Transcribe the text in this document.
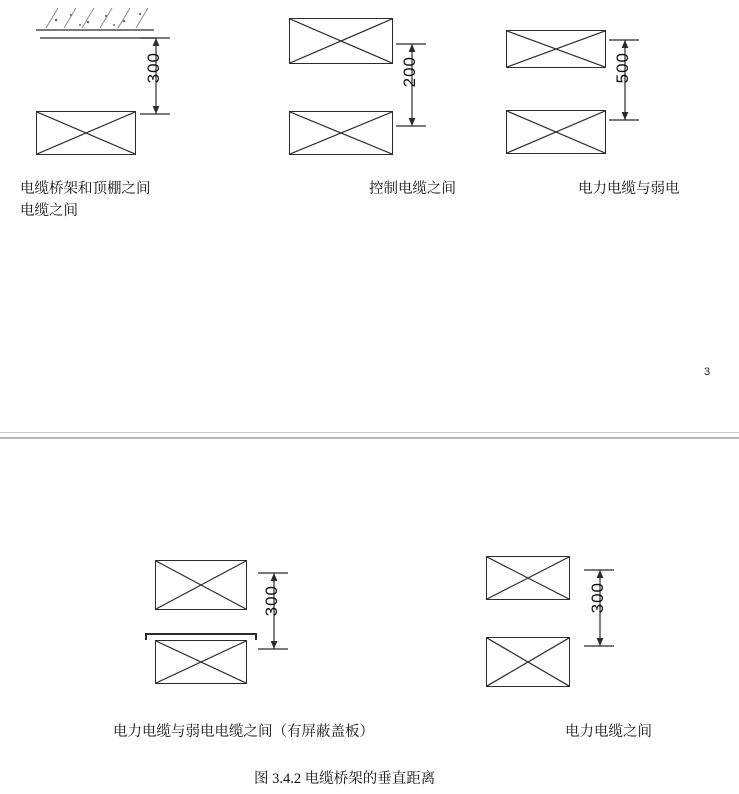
300
电缆桥架和顶棚之间
电缆之间
200
控制电缆之间
500
电力电缆与弱电
3
300
电力电缆与弱电电缆之间（有屏蔽盖板）
300
电力电缆之间
图 3.4.2 电缆桥架的垂直距离
